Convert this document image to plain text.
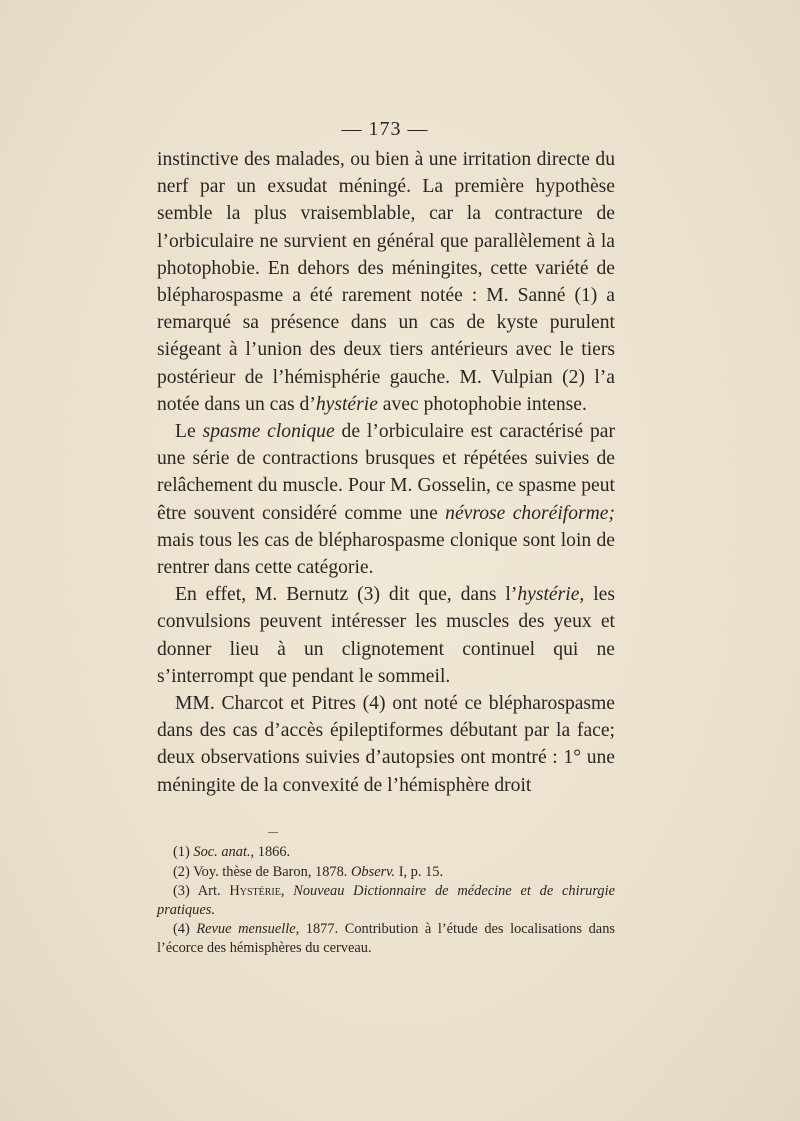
— 173 —

instinctive des malades, ou bien à une irritation directe du nerf par un exsudat méningé. La première hypothèse semble la plus vraisemblable, car la contracture de l’orbiculaire ne survient en général que parallèlement à la photophobie. En dehors des méningites, cette variété de blépharospasme a été rarement notée : M. Sanné (1) a remarqué sa présence dans un cas de kyste purulent siégeant à l’union des deux tiers antérieurs avec le tiers postérieur de l’hémisphérie gauche. M. Vulpian (2) l’a notée dans un cas d’hystérie avec photophobie intense.

Le spasme clonique de l’orbiculaire est caractérisé par une série de contractions brusques et répétées suivies de relâchement du muscle. Pour M. Gosselin, ce spasme peut être souvent considéré comme une névrose choréiforme; mais tous les cas de blépharospasme clonique sont loin de rentrer dans cette catégorie.

En effet, M. Bernutz (3) dit que, dans l’hystérie, les convulsions peuvent intéresser les muscles des yeux et donner lieu à un clignotement continuel qui ne s’interrompt que pendant le sommeil.

MM. Charcot et Pitres (4) ont noté ce blépharospasme dans des cas d’accès épileptiformes débutant par la face; deux observations suivies d’autopsies ont montré : 1° une méningite de la convexité de l’hémisphère droit

(1) Soc. anat., 1866.

(2) Voy. thèse de Baron, 1878. Observ. I, p. 15.

(3) Art. Hystérie, Nouveau Dictionnaire de médecine et de chirurgie pratiques.

(4) Revue mensuelle, 1877. Contribution à l’étude des localisations dans l’écorce des hémisphères du cerveau.
